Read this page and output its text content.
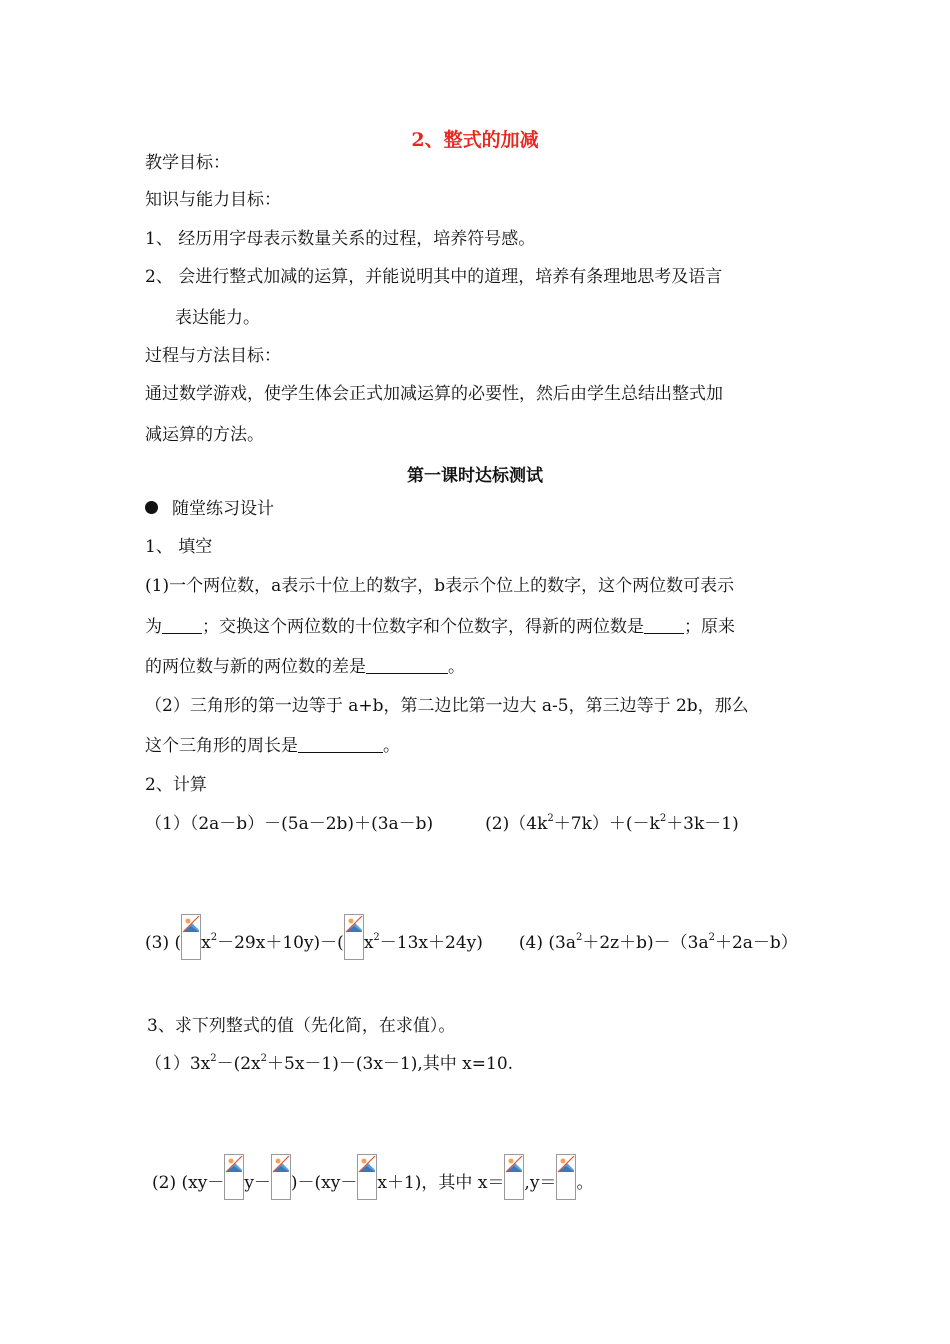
2、整式的加减
教学目标：
知识与能力目标：
1、 经历用字母表示数量关系的过程，培养符号感。
2、 会进行整式加减的运算，并能说明其中的道理，培养有条理地思考及语言
表达能力。
过程与方法目标：
通过数学游戏，使学生体会正式加减运算的必要性，然后由学生总结出整式加
减运算的方法。
第一课时达标测试
随堂练习设计
1、 填空
(1)一个两位数，a表示十位上的数字，b表示个位上的数字，这个两位数可表示
为 ；交换这个两位数的十位数字和个位数字，得新的两位数是 ；原来
的两位数与新的两位数的差是	。
（2）三角形的第一边等于 a+b，第二边比第一边大 a-5，第三边等于 2b，那么
这个三角形的周长是	。
2、计算
（1）（2a－b）－(5a－2b)＋(3a－b)	$(2)(4k^2+7k)+(-k^2+3k-1)$
(3) ( $x^2-29x+10y)-$( $x^2-13x+24y$) (4) $(3a^2+2z+b)-(3a^2+2a-b)$
3、求下列整式的值（先化简，在求值）。
$(1)3x^2-(2x^2+5x-1)-(3x-1)$,其中 x=10.
(2) (xy－ y－ )－(xy－ x＋1)，其中 x＝ ,y＝ 。
